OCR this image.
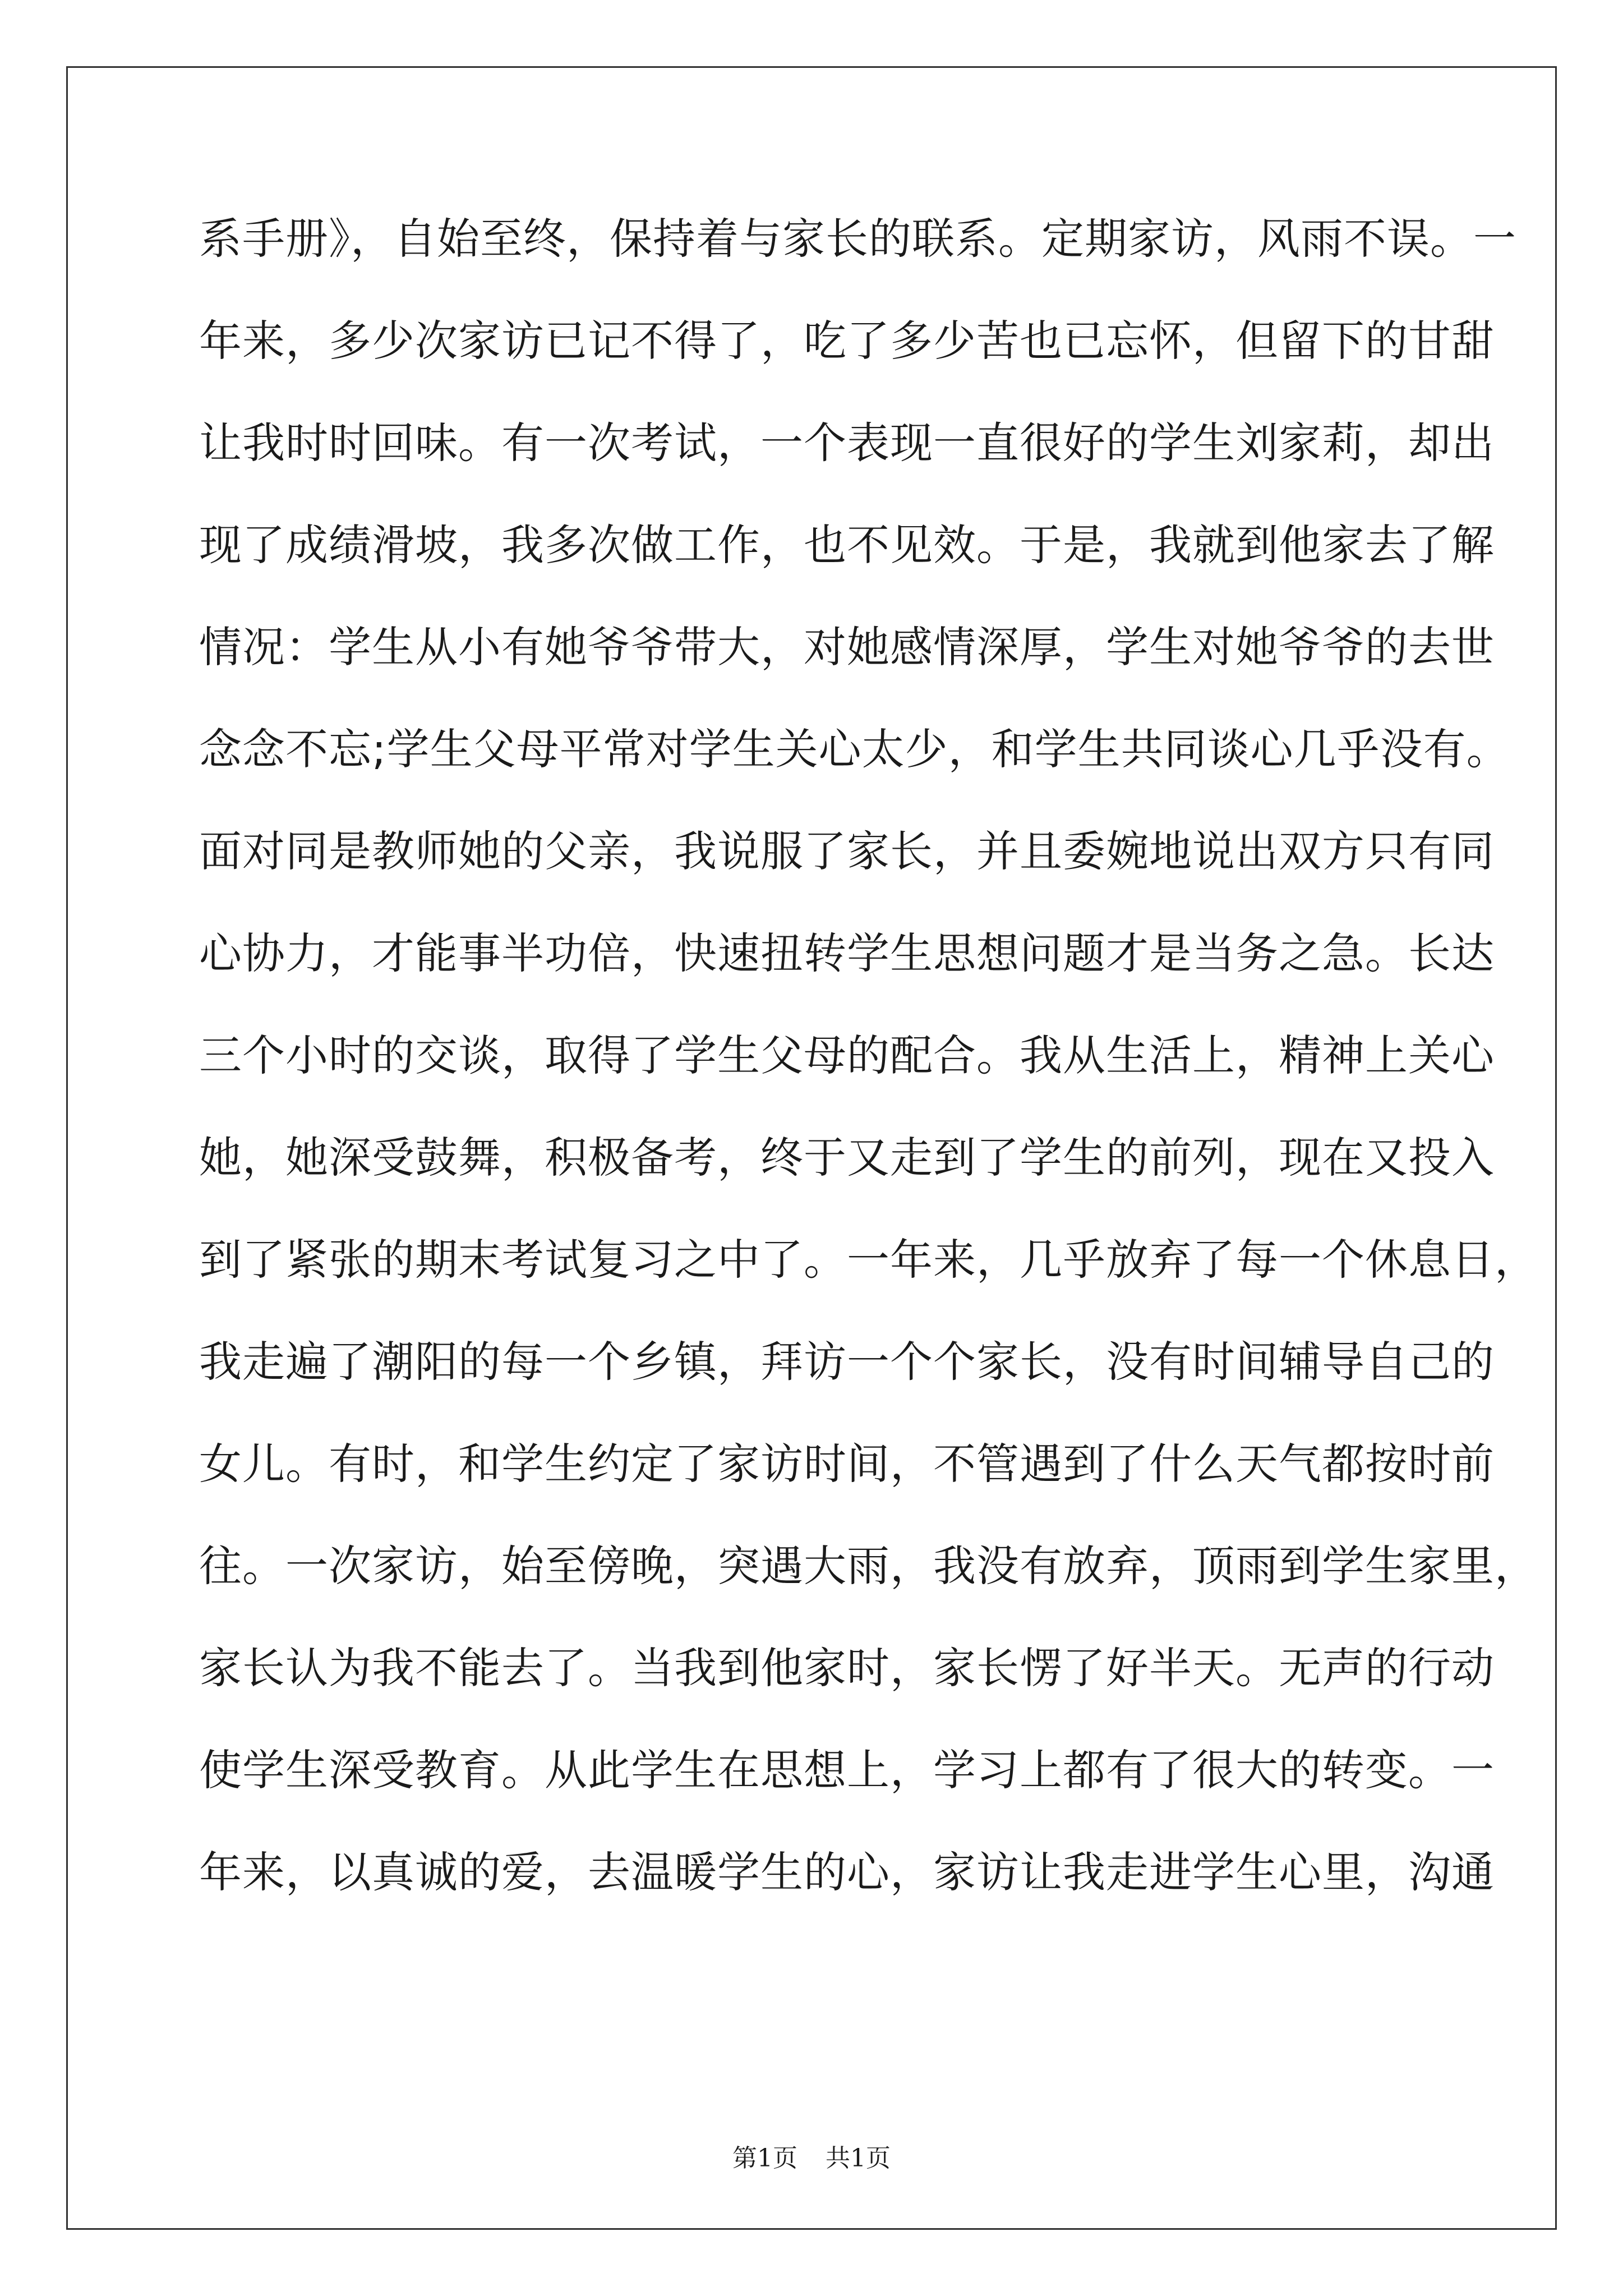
系手册》，自始至终，保持着与家长的联系。定期家访，风雨不误。一
年来，多少次家访已记不得了，吃了多少苦也已忘怀，但留下的甘甜
让我时时回味。有一次考试，一个表现一直很好的学生刘家莉，却出
现了成绩滑坡，我多次做工作，也不见效。于是，我就到他家去了解
情况：学生从小有她爷爷带大，对她感情深厚，学生对她爷爷的去世
念念不忘;学生父母平常对学生关心太少，和学生共同谈心几乎没有。
面对同是教师她的父亲，我说服了家长，并且委婉地说出双方只有同
心协力，才能事半功倍，快速扭转学生思想问题才是当务之急。长达
三个小时的交谈，取得了学生父母的配合。我从生活上，精神上关心
她，她深受鼓舞，积极备考，终于又走到了学生的前列，现在又投入
到了紧张的期末考试复习之中了。一年来，几乎放弃了每一个休息日，
我走遍了潮阳的每一个乡镇，拜访一个个家长，没有时间辅导自己的
女儿。有时，和学生约定了家访时间，不管遇到了什么天气都按时前
往。一次家访，始至傍晚，突遇大雨，我没有放弃，顶雨到学生家里，
家长认为我不能去了。当我到他家时，家长愣了好半天。无声的行动
使学生深受教育。从此学生在思想上，学习上都有了很大的转变。一
年来，以真诚的爱，去温暖学生的心，家访让我走进学生心里，沟通
第1页 共1页
